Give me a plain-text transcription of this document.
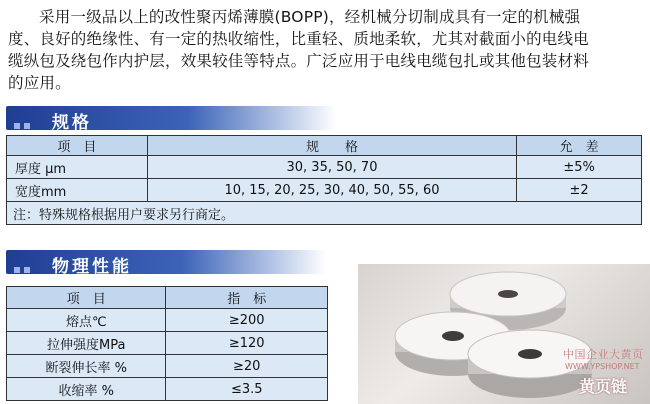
采用一级品以上的改性聚丙烯薄膜(BOPP)，经机械分切制成具有一定的机械强
度、良好的绝缘性、有一定的热收缩性，比重轻、质地柔软，尤其对截面小的电线电
缆纵包及绕包作内护层，效果较佳等特点。广泛应用于电线电缆包扎或其他包装材料
的应用。
规格
项　目	规　　格	允　差
厚度 μm	30, 35, 50, 70	±5%
宽度mm	10, 15, 20, 25, 30, 40, 50, 55, 60	±2
注：特殊规格根据用户要求另行商定。		
物理性能
项　目	指　标
熔点℃	≥200
拉伸强度MPa	≥120
断裂伸长率 %	≥20
收缩率 %	≤3.5
中国企业大黄页
WWW.YPSHOP.NET
黄页链
